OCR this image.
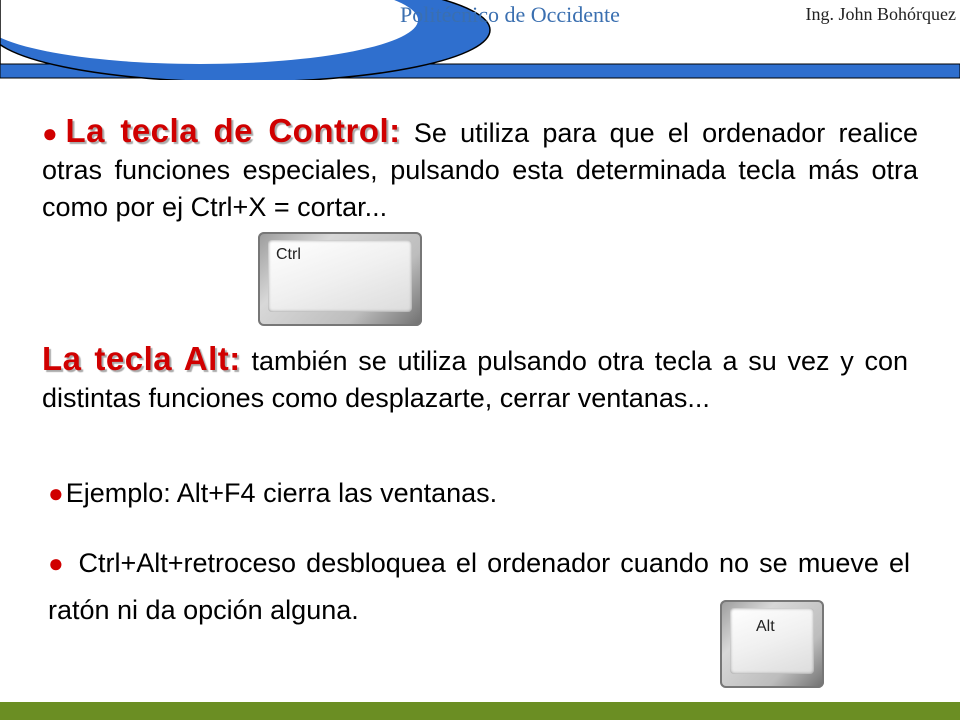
Politécnico de Occidente	Ing. John Bohórquez
●La tecla de Control: Se utiliza para que el ordenador realice otras funciones especiales, pulsando esta determinada tecla más otra como por ej Ctrl+X = cortar...
Ctrl
La tecla Alt: también se utiliza pulsando otra tecla a su vez y con distintas funciones como desplazarte, cerrar ventanas...
●Ejemplo: Alt+F4 cierra las ventanas.
● Ctrl+Alt+retroceso desbloquea el ordenador cuando no se mueve el ratón ni da opción alguna.
Alt
